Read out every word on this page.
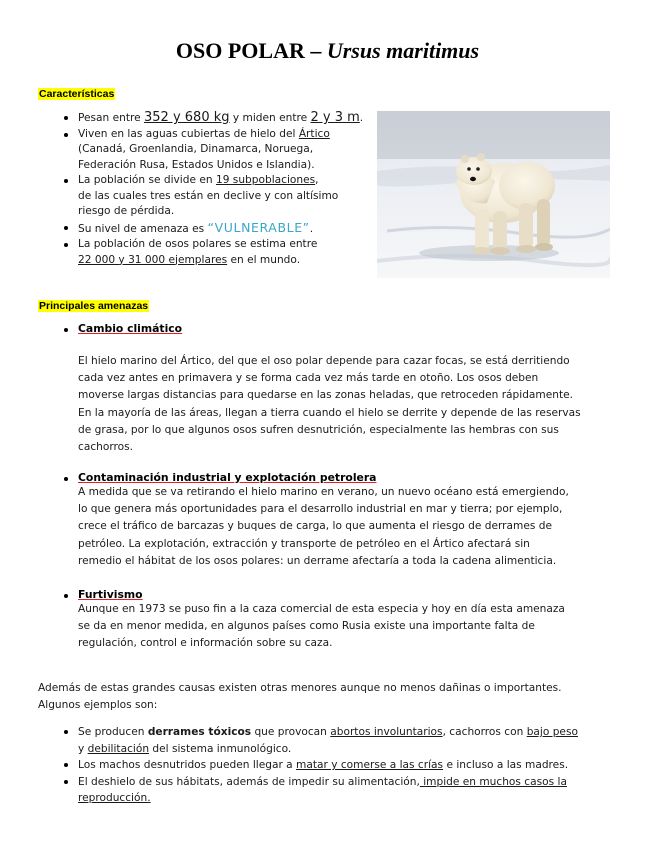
OSO POLAR – Ursus maritimus
Características
Pesan entre 352 y 680 kg y miden entre 2 y 3 m.
Viven en las aguas cubiertas de hielo del Ártico
(Canadá, Groenlandia, Dinamarca, Noruega,
Federación Rusa, Estados Unidos e Islandia).
La población se divide en 19 subpoblaciones,
de las cuales tres están en declive y con altísimo
riesgo de pérdida.
Su nivel de amenaza es “VULNERABLE”.
La población de osos polares se estima entre
22 000 y 31 000 ejemplares en el mundo.
Principales amenazas
Cambio climático

El hielo marino del Ártico, del que el oso polar depende para cazar focas, se está derritiendo
cada vez antes en primavera y se forma cada vez más tarde en otoño. Los osos deben
moverse largas distancias para quedarse en las zonas heladas, que retroceden rápidamente.
En la mayoría de las áreas, llegan a tierra cuando el hielo se derrite y depende de las reservas
de grasa, por lo que algunos osos sufren desnutrición, especialmente las hembras con sus
cachorros.

Contaminación industrial y explotación petrolera

A medida que se va retirando el hielo marino en verano, un nuevo océano está emergiendo,
lo que genera más oportunidades para el desarrollo industrial en mar y tierra; por ejemplo,
crece el tráfico de barcazas y buques de carga, lo que aumenta el riesgo de derrames de
petróleo. La explotación, extracción y transporte de petróleo en el Ártico afectará sin
remedio el hábitat de los osos polares: un derrame afectaría a toda la cadena alimenticia.

Furtivismo

Aunque en 1973 se puso fin a la caza comercial de esta especia y hoy en día esta amenaza
se da en menor medida, en algunos países como Rusia existe una importante falta de
regulación, control e información sobre su caza.

Además de estas grandes causas existen otras menores aunque no menos dañinas o importantes.
Algunos ejemplos son:

Se producen derrames tóxicos que provocan abortos involuntarios, cachorros con bajo peso
y debilitación del sistema inmunológico.
Los machos desnutridos pueden llegar a matar y comerse a las crías e incluso a las madres.
El deshielo de sus hábitats, además de impedir su alimentación, impide en muchos casos la
reproducción.
